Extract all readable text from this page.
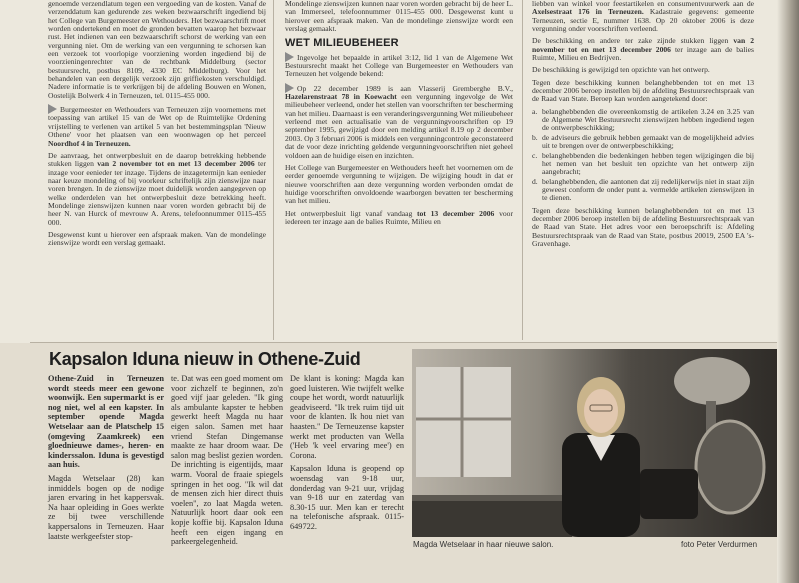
genoemde verzendlatum tegen een vergoeding van de kosten. Vanaf de verzenddatum kan gedurende zes weken bezwaarschrift ingediend bij het College van Burgemeester en Wethouders. Het bezwaarschrift moet worden ondertekend en moet de gronden bevatten waarop het bezwaar rust. Het indienen van een bezwaarschrift schorst de werking van een vergunning niet. Om de werking van een vergunning te schorsen kan een verzoek tot voorlopige voorziening worden ingediend bij de voorzieningenrechter van de rechtbank Middelburg (sector bestuursrecht, postbus 8109, 4330 EC Middelburg). Voor het behandelen van een dergelijk verzoek zijn griffiekosten verschuldigd. Nadere informatie is te verkrijgen bij de afdeling Bouwen en Wonen, Oostelijk Bolwerk 4 in Terneuzen, tel. 0115-455 000.

Burgemeester en Wethouders van Terneuzen zijn voornemens met toepassing van artikel 15 van de Wet op de Ruimtelijke Ordening vrijstelling te verlenen van artikel 5 van het bestemmingsplan 'Nieuw Othene' voor het plaatsen van een woonwagen op het perceel Noordhof 4 in Terneuzen.

De aanvraag, het ontwerpbesluit en de daarop betrekking hebbende stukken liggen van 2 november tot en met 13 december 2006 ter inzage voor eenieder ter inzage. Tijdens de inzagetermijn kan eenieder naar keuze mondeling of bij voorkeur schriftelijk zijn zienswijze naar voren brengen. In de zienswijze moet duidelijk worden aangegeven op welke onderdelen van het ontwerpbesluit deze betrekking heeft. Mondelinge zienswijzen kunnen naar voren worden gebracht bij de heer N. van Hurck of mevrouw A. Arens, telefoonnummer 0115-455 000.

Desgewenst kunt u hierover een afspraak maken. Van de mondelinge zienswijze wordt een verslag gemaakt.

Mondelinge zienswijzen kunnen naar voren worden gebracht bij de heer L. van Immerseel, telefoonnummer 0115-455 000. Desgewenst kunt u hierover een afspraak maken. Van de mondelinge zienswijze wordt een verslag gemaakt.

WET MILIEUBEHEER

Ingevolge het bepaalde in artikel 3:12, lid 1 van de Algemene Wet Bestuursrecht maakt het College van Burgemeester en Wethouders van Terneuzen het volgende bekend:

Op 22 december 1989 is aan Vlasserij Gremberghe B.V., Hazelarenstraat 78 in Koewacht een vergunning ingevolge de Wet milieubeheer verleend, onder het stellen van voorschriften ter bescherming van het milieu. Daarnaast is een veranderingsvergunning Wet milieubeheer verleend met een actualisatie van de vergunningvoorschriften op 19 september 1995, gewijzigd door een melding artikel 8.19 op 2 december 2003. Op 3 februari 2006 is middels een vergunningcontrole geconstateerd dat de voor deze inrichting geldende vergunningvoorschriften niet geheel voldoen aan de huidige eisen en inzichten.

Het College van Burgemeester en Wethouders heeft het voornemen om de eerder genoemde vergunning te wijzigen. De wijziging houdt in dat er nieuwe voorschriften aan deze vergunning worden verbonden omdat de huidige voorschriften onvoldoende waarborgen bevatten ter bescherming van het milieu.

Het ontwerpbesluit ligt vanaf vandaag tot 13 december 2006 voor iedereen ter inzage aan de balies Ruimte, Milieu en

liebben van winkel voor feestartikelen en consumentvuurwerk aan de Axelsestraat 176 in Terneuzen. Kadastraie gegevens: gemeente Terneuzen, sectie E, nummer 1638. Op 20 oktober 2006 is deze vergunning onder voorschriften verleend.

De beschikking en andere ter zake zijnde stukken liggen van 2 november tot en met 13 december 2006 ter inzage aan de balies Ruimte, Milieu en Bedrijven.

De beschikking is gewijzigd ten opzichte van het ontwerp.

Tegen deze beschikking kunnen belanghebbenden tot en met 13 december 2006 beroep instellen bij de afdeling Bestuursrechtspraak van de Raad van State. Beroep kan worden aangetekend door:

a. belanghebbenden die overeenkomstig de artikelen 3.24 en 3.25 van de Algemene Wet Bestuursrecht zienswijzen hebben ingediend tegen de ontwerpbeschikking;
b. de adviseurs die gebruik hebben gemaakt van de mogelijkheid advies uit te brengen over de ontwerpbeschikking;
c. belanghebbenden die bedenkingen hebben tegen wijzigingen die bij het nemen van het besluit ten opzichte van het ontwerp zijn aangebracht;
d. belanghebbenden, die aantonen dat zij redelijkerwijs niet in staat zijn geweest conform de onder punt a. vermelde artikelen zienswijzen in te dienen.

Tegen deze beschikking kunnen belanghebbenden tot en met 13 december 2006 beroep instellen bij de afdeling Bestuursrechtspraak van de Raad van State. Het adres voor een beroepschrift is: Afdeling Bestuursrechtspraak van de Raad van State, postbus 20019, 2500 EA 's-Gravenhage.

Kapsalon Iduna nieuw in Othene-Zuid

Othene-Zuid in Terneuzen wordt steeds meer een gewone woonwijk. Een supermarkt is er nog niet, wel al een kapster. In september opende Magda Wetselaar aan de Platschelp 15 (omgeving Zaamkreek) een gloednieuwe dames-, heren- en kinderssalon. Iduna is gevestigd aan huis.

Magda Wetselaar (28) kan inmiddels bogen op de nodige jaren ervaring in het kappersvak. Na haar opleiding in Goes werkte ze bij twee verschillende kappersalons in Terneuzen. Haar laatste werkgeefster stop-

te. Dat was een goed moment om voor zichzelf te beginnen, zo'n goed vijf jaar geleden. "Ik ging als ambulante kapster te hebben gewerkt heeft Magda nu haar eigen salon. Samen met haar vriend Stefan Dingemanse maakte ze haar droom waar. De salon mag beslist gezien worden. De inrichting is eigentijds, maar warm. Vooral de fraaie spiegels springen in het oog. "Ik wil dat de mensen zich hier direct thuis voelen", zo laat Magda weten. Natuurlijk hoort daar ook een kopje koffie bij. Kapsalon Iduna heeft een eigen ingang en parkeergelegenheid.

De klant is koning: Magda kan goed luisteren. Wie twijfelt welke coupe het wordt, wordt natuurlijk geadviseerd. "Ik trek ruim tijd uit voor de klanten. Ik hou niet van haasten." De Terneuzense kapster werkt met producten van Wella ('Heb 'k veel ervaring mee') en Corona.

Kapsalon Iduna is geopend op woensdag van 9-18 uur, donderdag van 9-21 uur, vrijdag van 9-18 uur en zaterdag van 8.30-15 uur. Men kan er terecht na telefonische afspraak. 0115-649722.

Magda Wetselaar in haar nieuwe salon.	foto Peter Verdurmen
